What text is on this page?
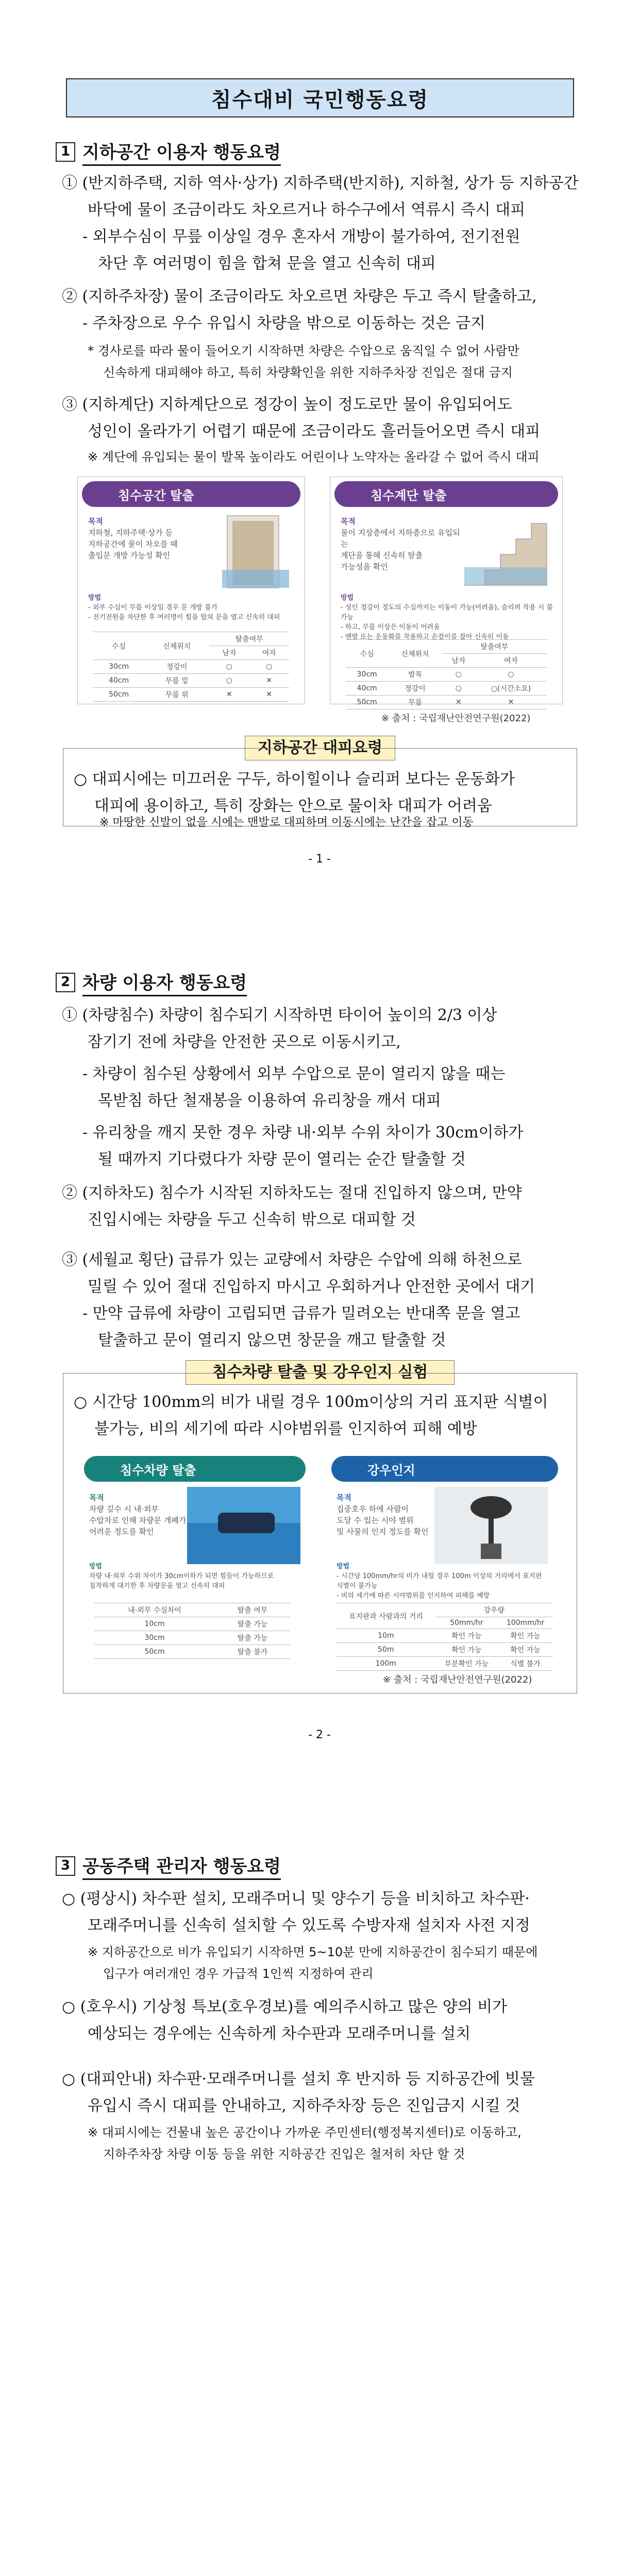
침수대비 국민행동요령
1 지하공간 이용자 행동요령
① (반지하주택, 지하 역사·상가) 지하주택(반지하), 지하철, 상가 등 지하공간
바닥에 물이 조금이라도 차오르거나 하수구에서 역류시 즉시 대피
- 외부수심이 무릎 이상일 경우 혼자서 개방이 불가하여, 전기전원
차단 후 여러명이 힘을 합쳐 문을 열고 신속히 대피
② (지하주차장) 물이 조금이라도 차오르면 차량은 두고 즉시 탈출하고,
- 주차장으로 우수 유입시 차량을 밖으로 이동하는 것은 금지
* 경사로를 따라 물이 들어오기 시작하면 차량은 수압으로 움직일 수 없어 사람만
신속하게 대피해야 하고, 특히 차량확인을 위한 지하주차장 진입은 절대 금지
③ (지하계단) 지하계단으로 정강이 높이 정도로만 물이 유입되어도
성인이 올라가기 어렵기 때문에 조금이라도 흘러들어오면 즉시 대피
※ 계단에 유입되는 물이 발목 높이라도 어린이나 노약자는 올라갈 수 없어 즉시 대피
침수공간 탈출
목적
지하철, 지하주택·상가 등
지하공간에 물이 차오를 때
출입문 개방 가능성 확인
방법
- 외부 수심이 무릎 이상일 경우 문 개방 불가
- 전기전원을 차단한 후 여러명이 힘을 합쳐 문을 열고 신속히 대피
수심	신체위치	탈출여부	
		남자	여자
30cm	정강이	○	○
40cm	무릎 밑	○	✕
50cm	무릎 위	✕	✕
침수계단 탈출
목적
물이 지상층에서 지하층으로 유입되는
계단을 통해 신속히 탈출
가능성을 확인
방법
- 성인 정강이 정도의 수심까지는 이동이 가능(어려움), 슬리퍼 착용 시 불가능
- 하고, 무릎 이상은 이동이 어려움
- 맨발 또는 운동화를 착용하고 손잡이를 잡아 신속히 이동
수심	신체위치	탈출여부	
		남자	여자
30cm	발목	○	○
40cm	정강이	○	○(시간소요)
50cm	무릎	✕	✕
※ 출처 : 국립재난안전연구원(2022)
지하공간 대피요령
○ 대피시에는 미끄러운 구두, 하이힐이나 슬리퍼 보다는 운동화가
대피에 용이하고, 특히 장화는 안으로 물이차 대피가 어려움
※ 마땅한 신발이 없을 시에는 맨발로 대피하며 이동시에는 난간을 잡고 이동
- 1 -
2 차량 이용자 행동요령
① (차량침수) 차량이 침수되기 시작하면 타이어 높이의 2/3 이상
잠기기 전에 차량을 안전한 곳으로 이동시키고,
- 차량이 침수된 상황에서 외부 수압으로 문이 열리지 않을 때는
목받침 하단 철재봉을 이용하여 유리창을 깨서 대피
- 유리창을 깨지 못한 경우 차량 내·외부 수위 차이가 30cm이하가
될 때까지 기다렸다가 차량 문이 열리는 순간 탈출할 것
② (지하차도) 침수가 시작된 지하차도는 절대 진입하지 않으며, 만약
진입시에는 차량을 두고 신속히 밖으로 대피할 것
③ (세월교 횡단) 급류가 있는 교량에서 차량은 수압에 의해 하천으로
밀릴 수 있어 절대 진입하지 마시고 우회하거나 안전한 곳에서 대기
- 만약 급류에 차량이 고립되면 급류가 밀려오는 반대쪽 문을 열고
탈출하고 문이 열리지 않으면 창문을 깨고 탈출할 것
침수차량 탈출 및 강우인지 실험
○ 시간당 100mm의 비가 내릴 경우 100m이상의 거리 표지판 식별이
불가능, 비의 세기에 따라 시야범위를 인지하여 피해 예방
침수차량 탈출
목적
차량 깊수 시 내·외부
수압차로 인해 차량문 개폐가
어려운 정도를 확인
방법
차량 내·외부 수위 차이가 30cm이하가 되면 힘들이 가능하므로
침착하게 대기한 후 차량문을 열고 신속히 대피
내·외부 수심차이	탈출 여부
10cm	탈출 가능
30cm	탈출 가능
50cm	탈출 불가
강우인지
목적
집중호우 하에 사람이
도달 수 있는 시야 범위
및 사물의 인지 정도를 확인
방법
- 시간당 100mm/hr의 비가 내릴 경우 100m 이상의 거리에서 표지판
식별이 불가능
- 비의 세기에 따른 시야범위를 인지하여 피해를 예방
표지판과 사람과의 거리	강우량	
	50mm/hr	100mm/hr
10m	확인 가능	확인 가능
50m	확인 가능	확인 가능
100m	부분확인 가능	식별 불가
※ 출처 : 국립재난안전연구원(2022)
- 2 -
3 공동주택 관리자 행동요령
○ (평상시) 차수판 설치, 모래주머니 및 양수기 등을 비치하고 차수판·
모래주머니를 신속히 설치할 수 있도록 수방자재 설치자 사전 지정
※ 지하공간으로 비가 유입되기 시작하면 5~10분 만에 지하공간이 침수되기 때문에
입구가 여러개인 경우 가급적 1인씩 지정하여 관리
○ (호우시) 기상청 특보(호우경보)를 예의주시하고 많은 양의 비가
예상되는 경우에는 신속하게 차수판과 모래주머니를 설치
○ (대피안내) 차수판·모래주머니를 설치 후 반지하 등 지하공간에 빗물
유입시 즉시 대피를 안내하고, 지하주차장 등은 진입금지 시킬 것
※ 대피시에는 건물내 높은 공간이나 가까운 주민센터(행정복지센터)로 이동하고,
지하주차장 차량 이동 등을 위한 지하공간 진입은 철저히 차단 할 것
